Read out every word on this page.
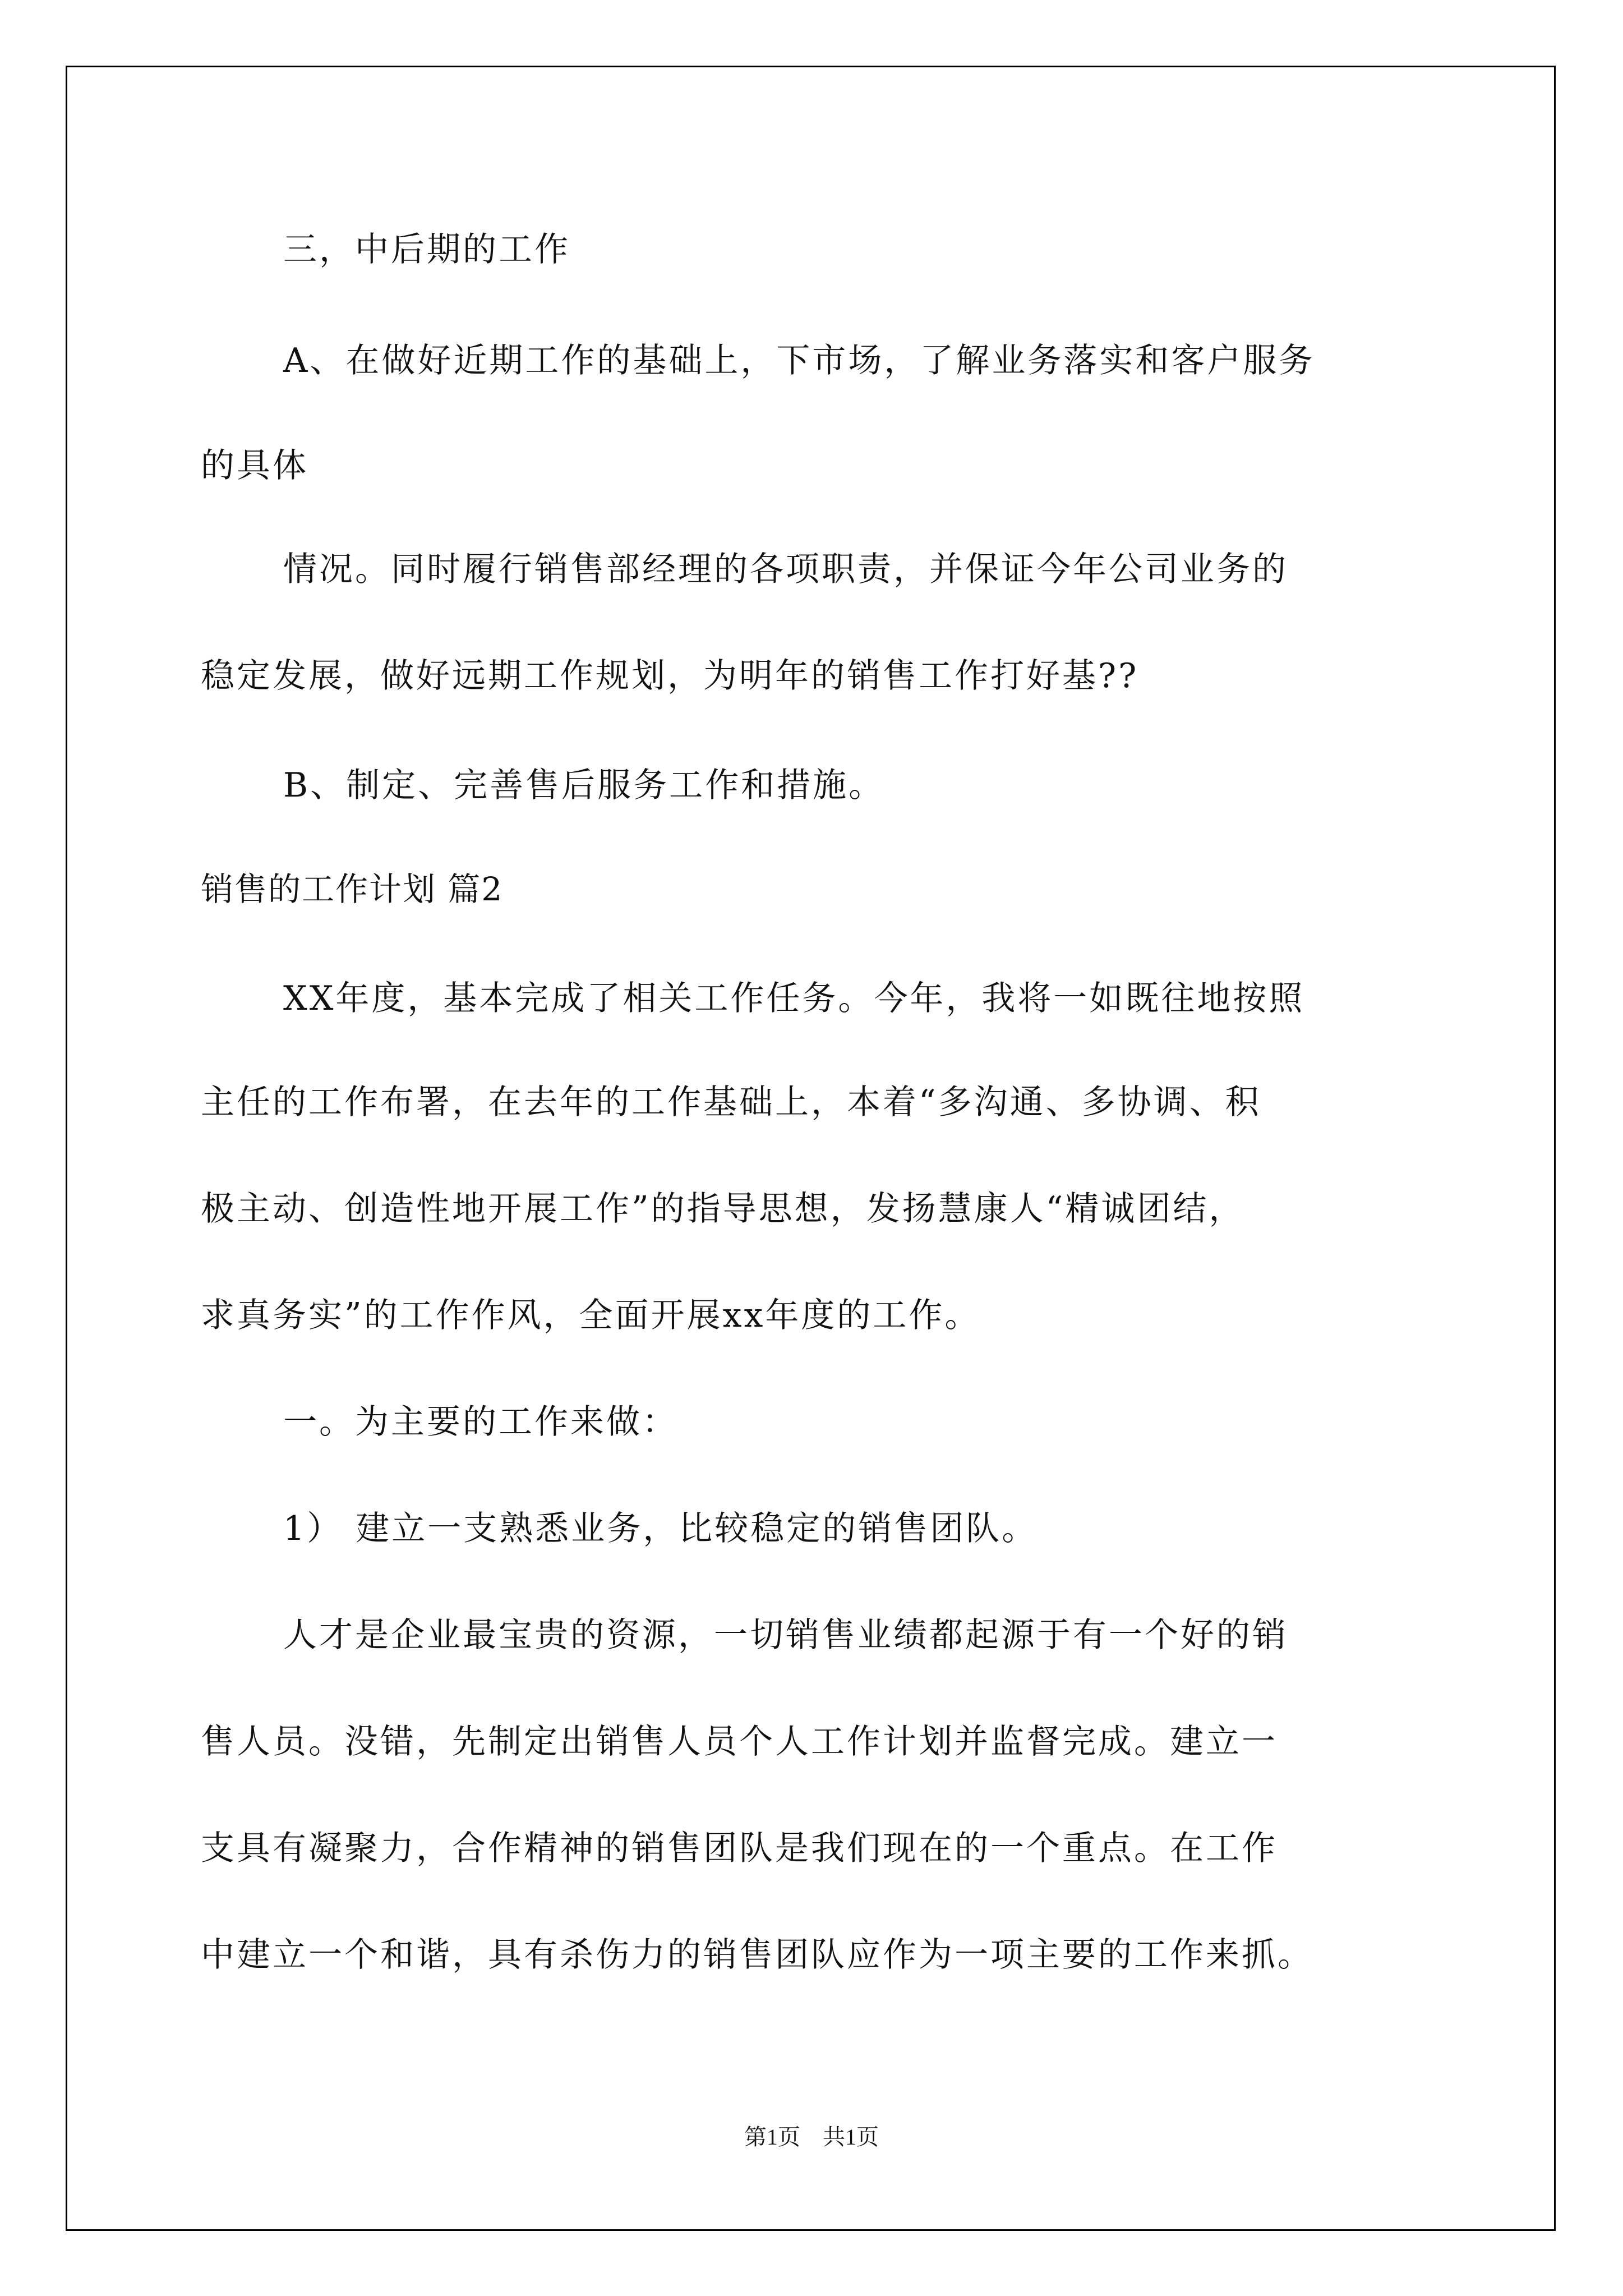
三，中后期的工作
A、在做好近期工作的基础上，下市场，了解业务落实和客户服务
的具体
情况。同时履行销售部经理的各项职责，并保证今年公司业务的
稳定发展，做好远期工作规划，为明年的销售工作打好基??
B、制定、完善售后服务工作和措施。
销售的工作计划 篇2
XX年度，基本完成了相关工作任务。今年，我将一如既往地按照
主任的工作布署，在去年的工作基础上，本着“多沟通、多协调、积
极主动、创造性地开展工作”的指导思想，发扬慧康人“精诚团结，
求真务实”的工作作风，全面开展xx年度的工作。
一。为主要的工作来做：
1） 建立一支熟悉业务，比较稳定的销售团队。
人才是企业最宝贵的资源，一切销售业绩都起源于有一个好的销
售人员。没错，先制定出销售人员个人工作计划并监督完成。建立一
支具有凝聚力，合作精神的销售团队是我们现在的一个重点。在工作
中建立一个和谐，具有杀伤力的销售团队应作为一项主要的工作来抓。
第1页 共1页
